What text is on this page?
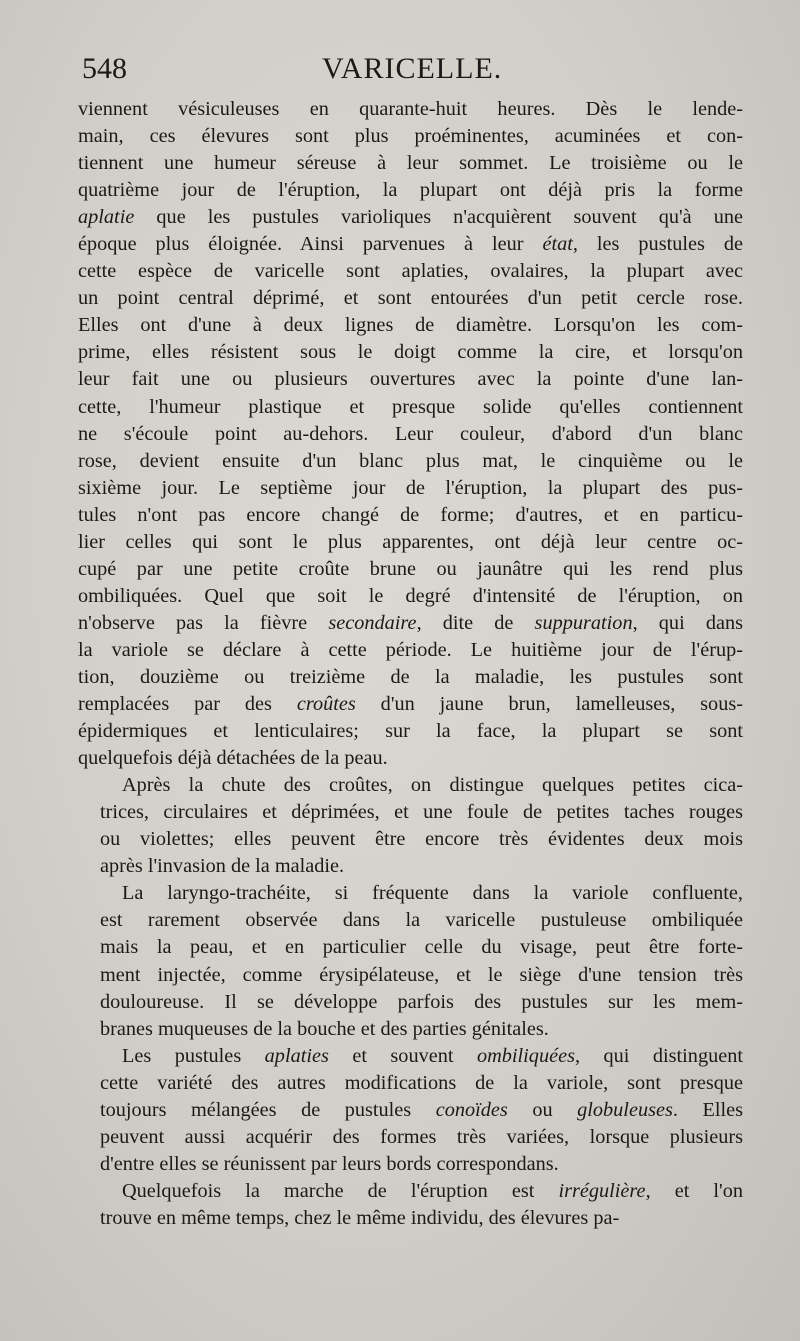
548	VARICELLE.
viennent vésiculeuses en quarante-huit heures. Dès le lende-
main, ces élevures sont plus proéminentes, acuminées et con-
tiennent une humeur séreuse à leur sommet. Le troisième ou le
quatrième jour de l'éruption, la plupart ont déjà pris la forme
aplatie que les pustules varioliques n'acquièrent souvent qu'à une
époque plus éloignée. Ainsi parvenues à leur état, les pustules de
cette espèce de varicelle sont aplaties, ovalaires, la plupart avec
un point central déprimé, et sont entourées d'un petit cercle rose.
Elles ont d'une à deux lignes de diamètre. Lorsqu'on les com-
prime, elles résistent sous le doigt comme la cire, et lorsqu'on
leur fait une ou plusieurs ouvertures avec la pointe d'une lan-
cette, l'humeur plastique et presque solide qu'elles contiennent
ne s'écoule point au-dehors. Leur couleur, d'abord d'un blanc
rose, devient ensuite d'un blanc plus mat, le cinquième ou le
sixième jour. Le septième jour de l'éruption, la plupart des pus-
tules n'ont pas encore changé de forme; d'autres, et en particu-
lier celles qui sont le plus apparentes, ont déjà leur centre oc-
cupé par une petite croûte brune ou jaunâtre qui les rend plus
ombiliquées. Quel que soit le degré d'intensité de l'éruption, on
n'observe pas la fièvre secondaire, dite de suppuration, qui dans
la variole se déclare à cette période. Le huitième jour de l'érup-
tion, douzième ou treizième de la maladie, les pustules sont
remplacées par des croûtes d'un jaune brun, lamelleuses, sous-
épidermiques et lenticulaires; sur la face, la plupart se sont
quelquefois déjà détachées de la peau.
Après la chute des croûtes, on distingue quelques petites cica-
trices, circulaires et déprimées, et une foule de petites taches rouges
ou violettes; elles peuvent être encore très évidentes deux mois
après l'invasion de la maladie.
La laryngo-trachéite, si fréquente dans la variole confluente,
est rarement observée dans la varicelle pustuleuse ombiliquée
mais la peau, et en particulier celle du visage, peut être forte-
ment injectée, comme érysipélateuse, et le siège d'une tension très
douloureuse. Il se développe parfois des pustules sur les mem-
branes muqueuses de la bouche et des parties génitales.
Les pustules aplaties et souvent ombiliquées, qui distinguent
cette variété des autres modifications de la variole, sont presque
toujours mélangées de pustules conoïdes ou globuleuses. Elles
peuvent aussi acquérir des formes très variées, lorsque plusieurs
d'entre elles se réunissent par leurs bords correspondans.
Quelquefois la marche de l'éruption est irrégulière, et l'on
trouve en même temps, chez le même individu, des élevures pa-
